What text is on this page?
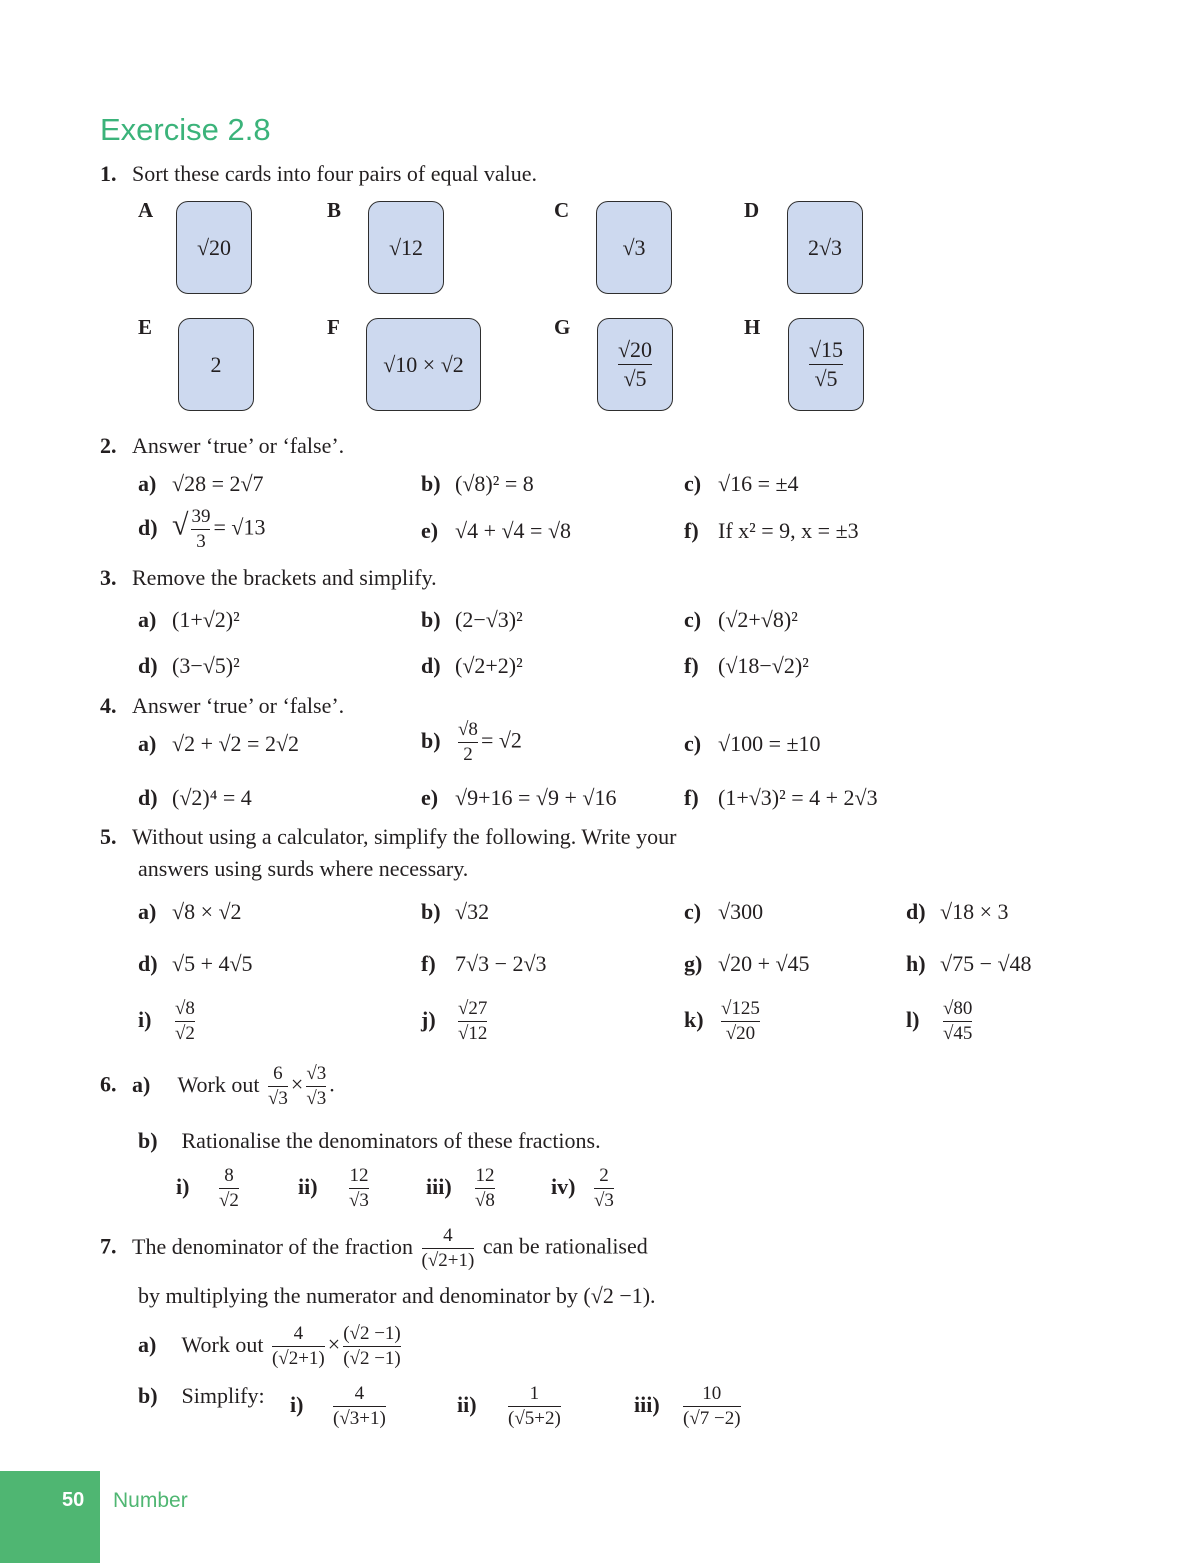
Exercise 2.8
1. Sort these cards into four pairs of equal value.
A	B	C	D
√20	√12	√3	2√3
E	F	G	H
2	√10 × √2	$\frac{√20}{√5}$	$\frac{√15}{√5}$
2. Answer ‘true’ or ‘false’.
a) √28 = 2√7	b) (√8)² = 8	c) √16 = ±4
d) √ $\frac{39}{3} = √13$	e) √4 + √4 = √8	f) If x² = 9, x = ±3
3. Remove the brackets and simplify.
a) (1+√2)²	b) (2−√3)²	c) (√2+√8)²
d) (3−√5)²	d) (√2+2)²	f) (√18−√2)²
4. Answer ‘true’ or ‘false’.
a) √2 + √2 = 2√2	$b) \frac{√8}{2} = √2$	c) √100 = ±10
d) (√2)⁴ = 4	e) √9+16 = √9 + √16	f) (1+√3)² = 4 + 2√3
5. Without using a calculator, simplify the following. Write your
answers using surds where necessary.
a) √8 × √2	b) √32	c) √300	d) √18 × 3
d) √5 + 4√5	f) 7√3 − 2√3	g) √20 + √45	h) √75 − √48
$i) \frac{√8}{√2}$	$j) \frac{√27}{√12}$	$k) \frac{√125}{√20}$	$l) \frac{√80}{√45}$
6. a) Work out $\frac{6}{√3} \times \frac{√3}{√3}$ .
b) Rationalise the denominators of these fractions.
$i) \frac{8}{√2}$	$ii) \frac{12}{√3}$	$iii) \frac{12}{√8}$	$iv) \frac{2}{√3}$
7. The denominator of the fraction $\frac{4}{(√2+1)}$ can be rationalised
by multiplying the numerator and denominator by (√2 −1).
a) Work out $\frac{4}{(√2+1)} \times \frac{(√2 -1)}{(√2 -1)}$
b) Simplify: $i) \frac{4}{(√3+1)}$	$ii) \frac{1}{(√5+2)}$	$iii) \frac{10}{(√7 -2)}$
50 Number
